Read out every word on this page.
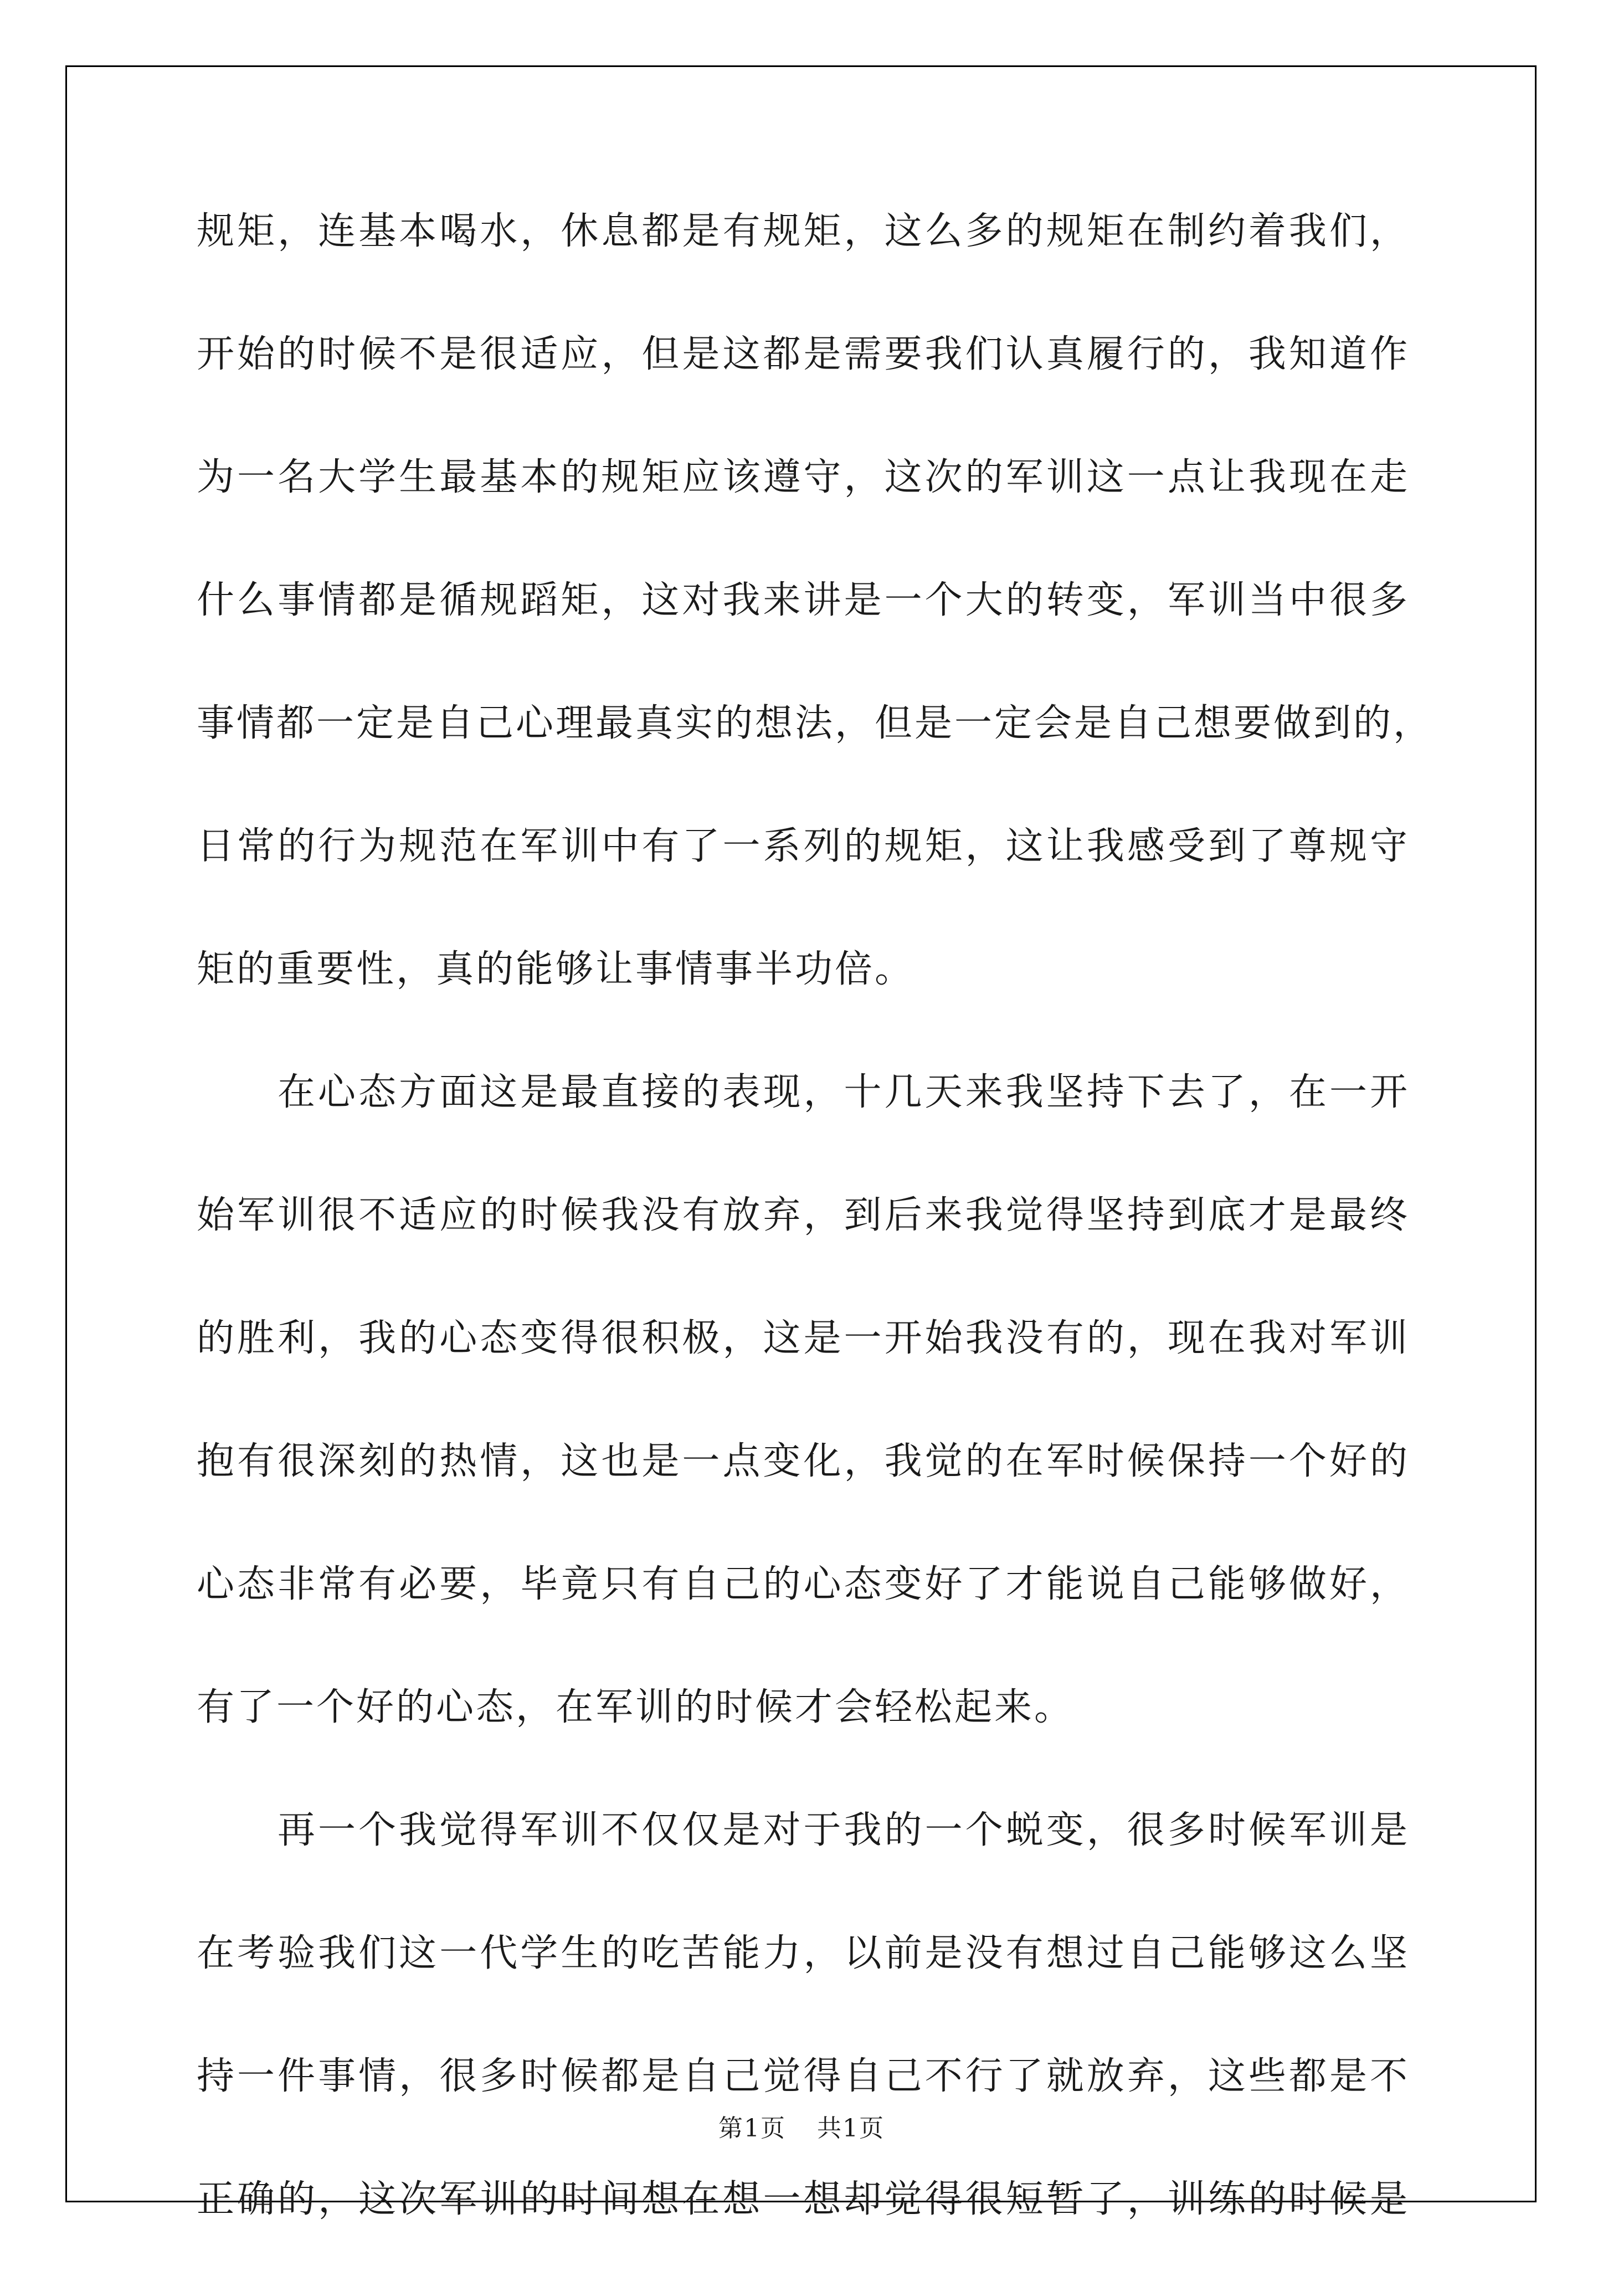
规矩，连基本喝水，休息都是有规矩，这么多的规矩在制约着我们，
开始的时候不是很适应，但是这都是需要我们认真履行的，我知道作
为一名大学生最基本的规矩应该遵守，这次的军训这一点让我现在走
什么事情都是循规蹈矩，这对我来讲是一个大的转变，军训当中很多
事情都一定是自己心理最真实的想法，但是一定会是自己想要做到的，
日常的行为规范在军训中有了一系列的规矩，这让我感受到了尊规守
矩的重要性，真的能够让事情事半功倍。
在心态方面这是最直接的表现，十几天来我坚持下去了，在一开
始军训很不适应的时候我没有放弃，到后来我觉得坚持到底才是最终
的胜利，我的心态变得很积极，这是一开始我没有的，现在我对军训
抱有很深刻的热情，这也是一点变化，我觉的在军时候保持一个好的
心态非常有必要，毕竟只有自己的心态变好了才能说自己能够做好，
有了一个好的心态，在军训的时候才会轻松起来。
再一个我觉得军训不仅仅是对于我的一个蜕变，很多时候军训是
在考验我们这一代学生的吃苦能力，以前是没有想过自己能够这么坚
持一件事情，很多时候都是自己觉得自己不行了就放弃，这些都是不
正确的，这次军训的时间想在想一想却觉得很短暂了，训练的时候是
第1页 共1页
